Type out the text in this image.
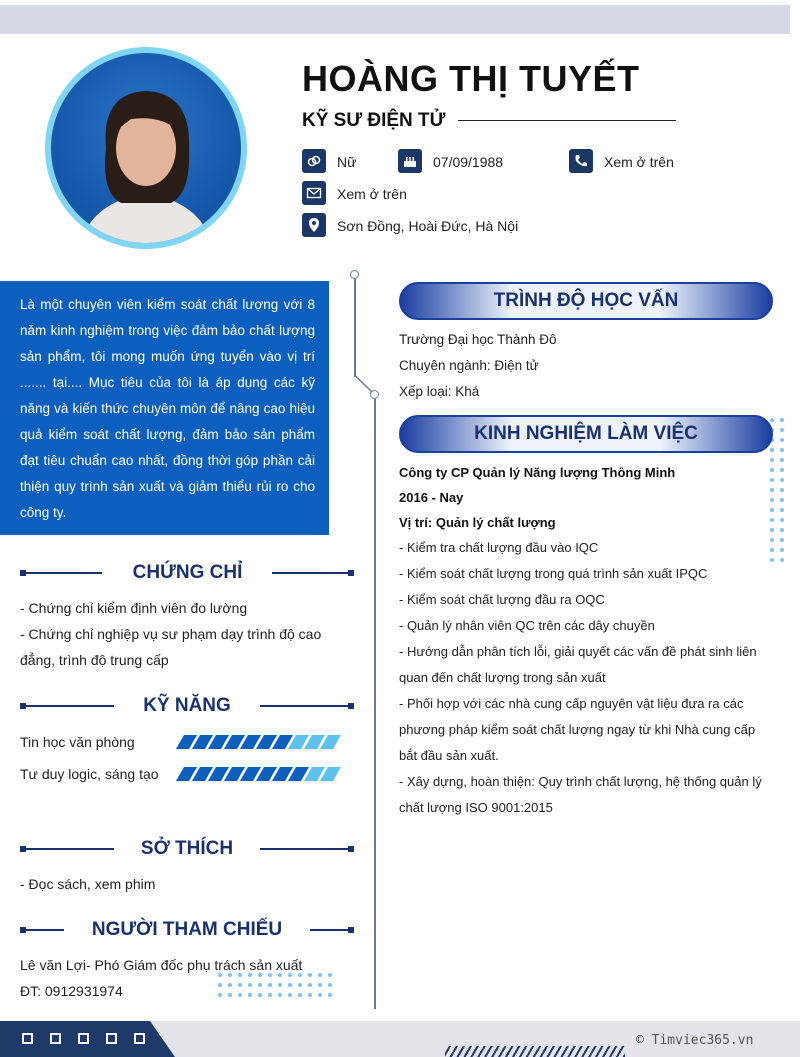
HOÀNG THỊ TUYẾT
KỸ SƯ ĐIỆN TỬ
Nữ	07/09/1988	Xem ở trên
Xem ở trên
Sơn Đồng, Hoài Đức, Hà Nội
Là một chuyên viên kiểm soát chất lượng với 8 năm kinh nghiệm trong việc đảm bảo chất lượng sản phẩm, tôi mong muốn ứng tuyển vào vị trí ....... tại.... Mục tiêu của tôi là áp dụng các kỹ năng và kiến thức chuyên môn để nâng cao hiệu quả kiểm soát chất lượng, đảm bảo sản phẩm đạt tiêu chuẩn cao nhất, đồng thời góp phần cải thiện quy trình sản xuất và giảm thiểu rủi ro cho công ty.
CHỨNG CHỈ
- Chứng chỉ kiểm định viên đo lường
- Chứng chỉ nghiệp vụ sư phạm dạy trình độ cao đẳng, trình độ trung cấp
KỸ NĂNG
Tin học văn phòng
Tư duy logic, sáng tạo
SỞ THÍCH
- Đọc sách, xem phim
NGƯỜI THAM CHIẾU
Lê văn Lợi- Phó Giám đốc phụ trách sản xuất
ĐT: 0912931974
TRÌNH ĐỘ HỌC VẤN
Trường Đại học Thành Đô
Chuyên ngành: Điện tử
Xếp loại: Khá
KINH NGHIỆM LÀM VIỆC
Công ty CP Quản lý Năng lượng Thông Minh
2016 - Nay
Vị trí: Quản lý chất lượng
- Kiểm tra chất lượng đầu vào IQC
- Kiểm soát chất lượng trong quá trình sản xuất IPQC
- Kiểm soát chất lượng đầu ra OQC
- Quản lý nhân viên QC trên các dây chuyền
- Hướng dẫn phân tích lỗi, giải quyết các vấn đề phát sinh liên quan đến chất lượng trong sản xuất
- Phối hợp với các nhà cung cấp nguyên vật liệu đưa ra các phương pháp kiểm soát chất lượng ngay từ khi Nhà cung cấp bắt đầu sản xuất.
- Xây dựng, hoàn thiện: Quy trình chất lượng, hệ thống quản lý chất lượng ISO 9001:2015
© Timviec365.vn
